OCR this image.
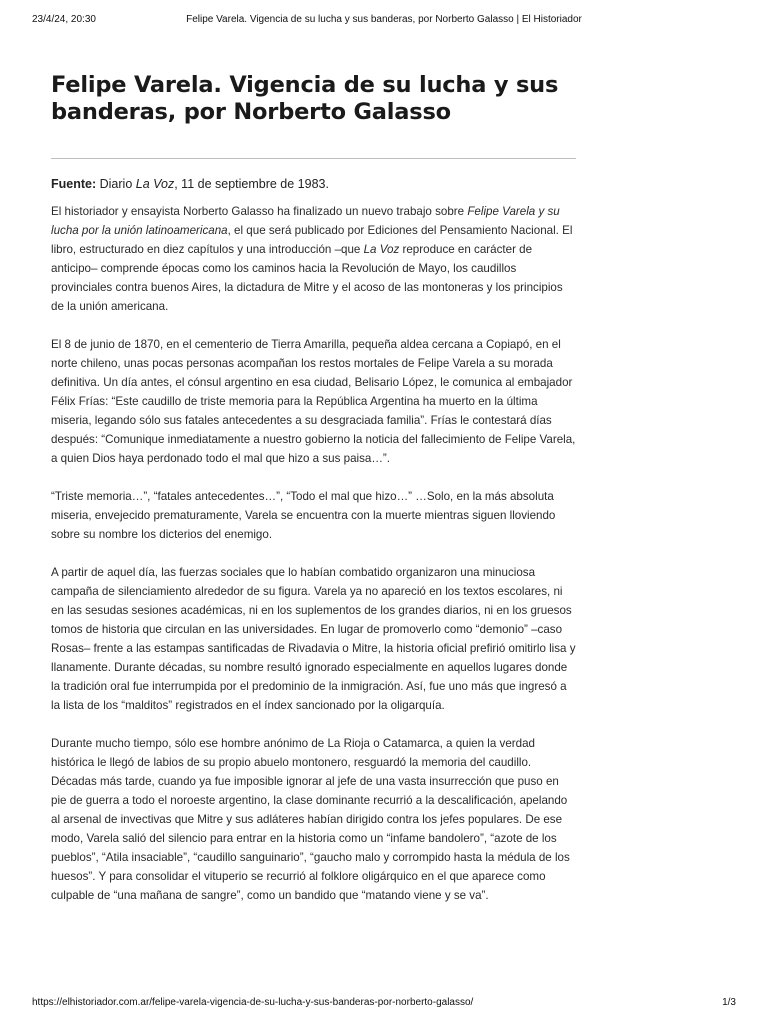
23/4/24, 20:30	Felipe Varela. Vigencia de su lucha y sus banderas, por Norberto Galasso | El Historiador
Felipe Varela. Vigencia de su lucha y sus banderas, por Norberto Galasso
Fuente: Diario La Voz, 11 de septiembre de 1983.

El historiador y ensayista Norberto Galasso ha finalizado un nuevo trabajo sobre Felipe Varela y su lucha por la unión latinoamericana, el que será publicado por Ediciones del Pensamiento Nacional. El libro, estructurado en diez capítulos y una introducción –que La Voz reproduce en carácter de anticipo– comprende épocas como los caminos hacia la Revolución de Mayo, los caudillos provinciales contra buenos Aires, la dictadura de Mitre y el acoso de las montoneras y los principios de la unión americana.

El 8 de junio de 1870, en el cementerio de Tierra Amarilla, pequeña aldea cercana a Copiapó, en el norte chileno, unas pocas personas acompañan los restos mortales de Felipe Varela a su morada definitiva. Un día antes, el cónsul argentino en esa ciudad, Belisario López, le comunica al embajador Félix Frías: “Este caudillo de triste memoria para la República Argentina ha muerto en la última miseria, legando sólo sus fatales antecedentes a su desgraciada familia”. Frías le contestará días después: “Comunique inmediatamente a nuestro gobierno la noticia del fallecimiento de Felipe Varela, a quien Dios haya perdonado todo el mal que hizo a sus paisa…”.

“Triste memoria…”, “fatales antecedentes…”, “Todo el mal que hizo…” …Solo, en la más absoluta miseria, envejecido prematuramente, Varela se encuentra con la muerte mientras siguen lloviendo sobre su nombre los dicterios del enemigo.

A partir de aquel día, las fuerzas sociales que lo habían combatido organizaron una minuciosa campaña de silenciamiento alrededor de su figura. Varela ya no apareció en los textos escolares, ni en las sesudas sesiones académicas, ni en los suplementos de los grandes diarios, ni en los gruesos tomos de historia que circulan en las universidades. En lugar de promoverlo como “demonio” –caso Rosas– frente a las estampas santificadas de Rivadavia o Mitre, la historia oficial prefirió omitirlo lisa y llanamente. Durante décadas, su nombre resultó ignorado especialmente en aquellos lugares donde la tradición oral fue interrumpida por el predominio de la inmigración. Así, fue uno más que ingresó a la lista de los “malditos” registrados en el índex sancionado por la oligarquía.

Durante mucho tiempo, sólo ese hombre anónimo de La Rioja o Catamarca, a quien la verdad histórica le llegó de labios de su propio abuelo montonero, resguardó la memoria del caudillo. Décadas más tarde, cuando ya fue imposible ignorar al jefe de una vasta insurrección que puso en pie de guerra a todo el noroeste argentino, la clase dominante recurrió a la descalificación, apelando al arsenal de invectivas que Mitre y sus adláteres habían dirigido contra los jefes populares. De ese modo, Varela salió del silencio para entrar en la historia como un “infame bandolero”, “azote de los pueblos”, “Atila insaciable”, “caudillo sanguinario”, “gaucho malo y corrompido hasta la médula de los huesos”. Y para consolidar el vituperio se recurrió al folklore oligárquico en el que aparece como culpable de “una mañana de sangre”, como un bandido que “matando viene y se va”.

https://elhistoriador.com.ar/felipe-varela-vigencia-de-su-lucha-y-sus-banderas-por-norberto-galasso/	1/3
